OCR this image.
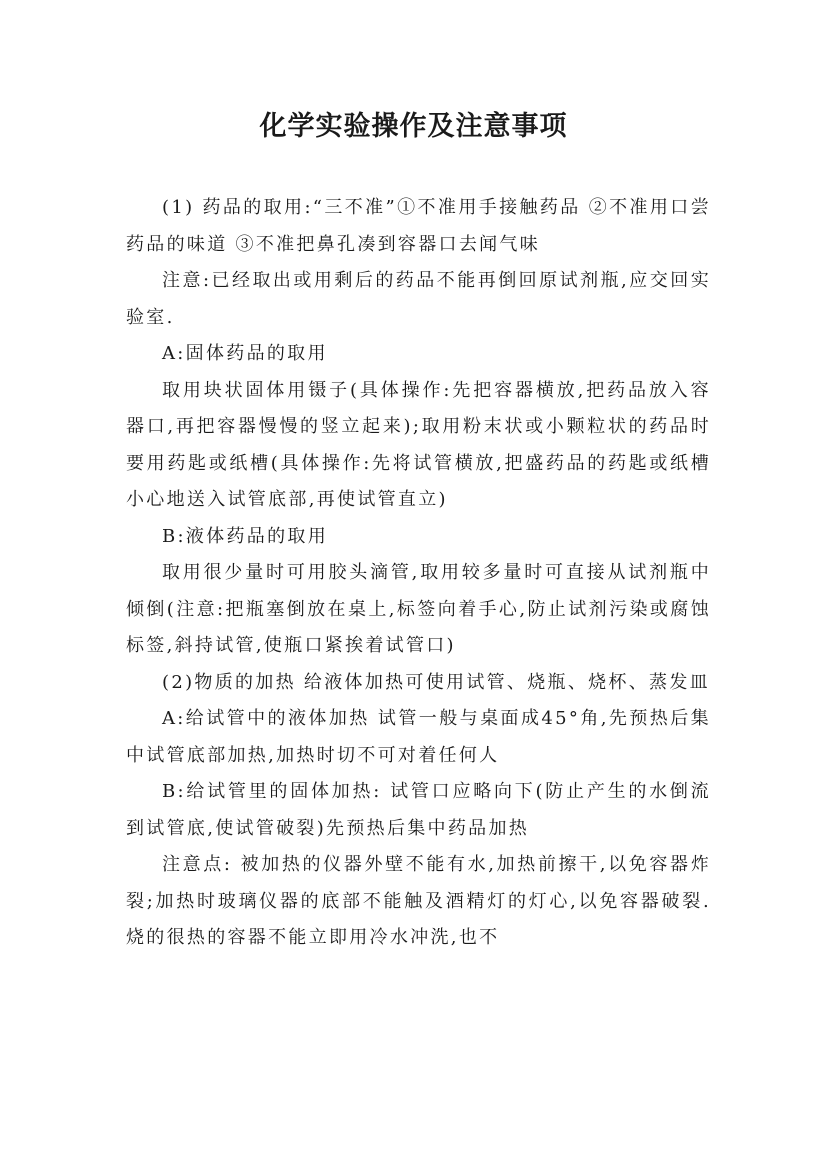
化学实验操作及注意事项

(1) 药品的取用:“三不准”①不准用手接触药品 ②不准用口尝药品的味道 ③不准把鼻孔凑到容器口去闻气味

注意:已经取出或用剩后的药品不能再倒回原试剂瓶,应交回实验室.

A:固体药品的取用

取用块状固体用镊子(具体操作:先把容器横放,把药品放入容器口,再把容器慢慢的竖立起来);取用粉末状或小颗粒状的药品时要用药匙或纸槽(具体操作:先将试管横放,把盛药品的药匙或纸槽小心地送入试管底部,再使试管直立)

B:液体药品的取用

取用很少量时可用胶头滴管,取用较多量时可直接从试剂瓶中倾倒(注意:把瓶塞倒放在桌上,标签向着手心,防止试剂污染或腐蚀标签,斜持试管,使瓶口紧挨着试管口)

(2)物质的加热 给液体加热可使用试管、烧瓶、烧杯、蒸发皿

A:给试管中的液体加热 试管一般与桌面成45°角,先预热后集中试管底部加热,加热时切不可对着任何人

B:给试管里的固体加热: 试管口应略向下(防止产生的水倒流到试管底,使试管破裂)先预热后集中药品加热

注意点: 被加热的仪器外壁不能有水,加热前擦干,以免容器炸裂;加热时玻璃仪器的底部不能触及酒精灯的灯心,以免容器破裂.烧的很热的容器不能立即用冷水冲洗,也不
